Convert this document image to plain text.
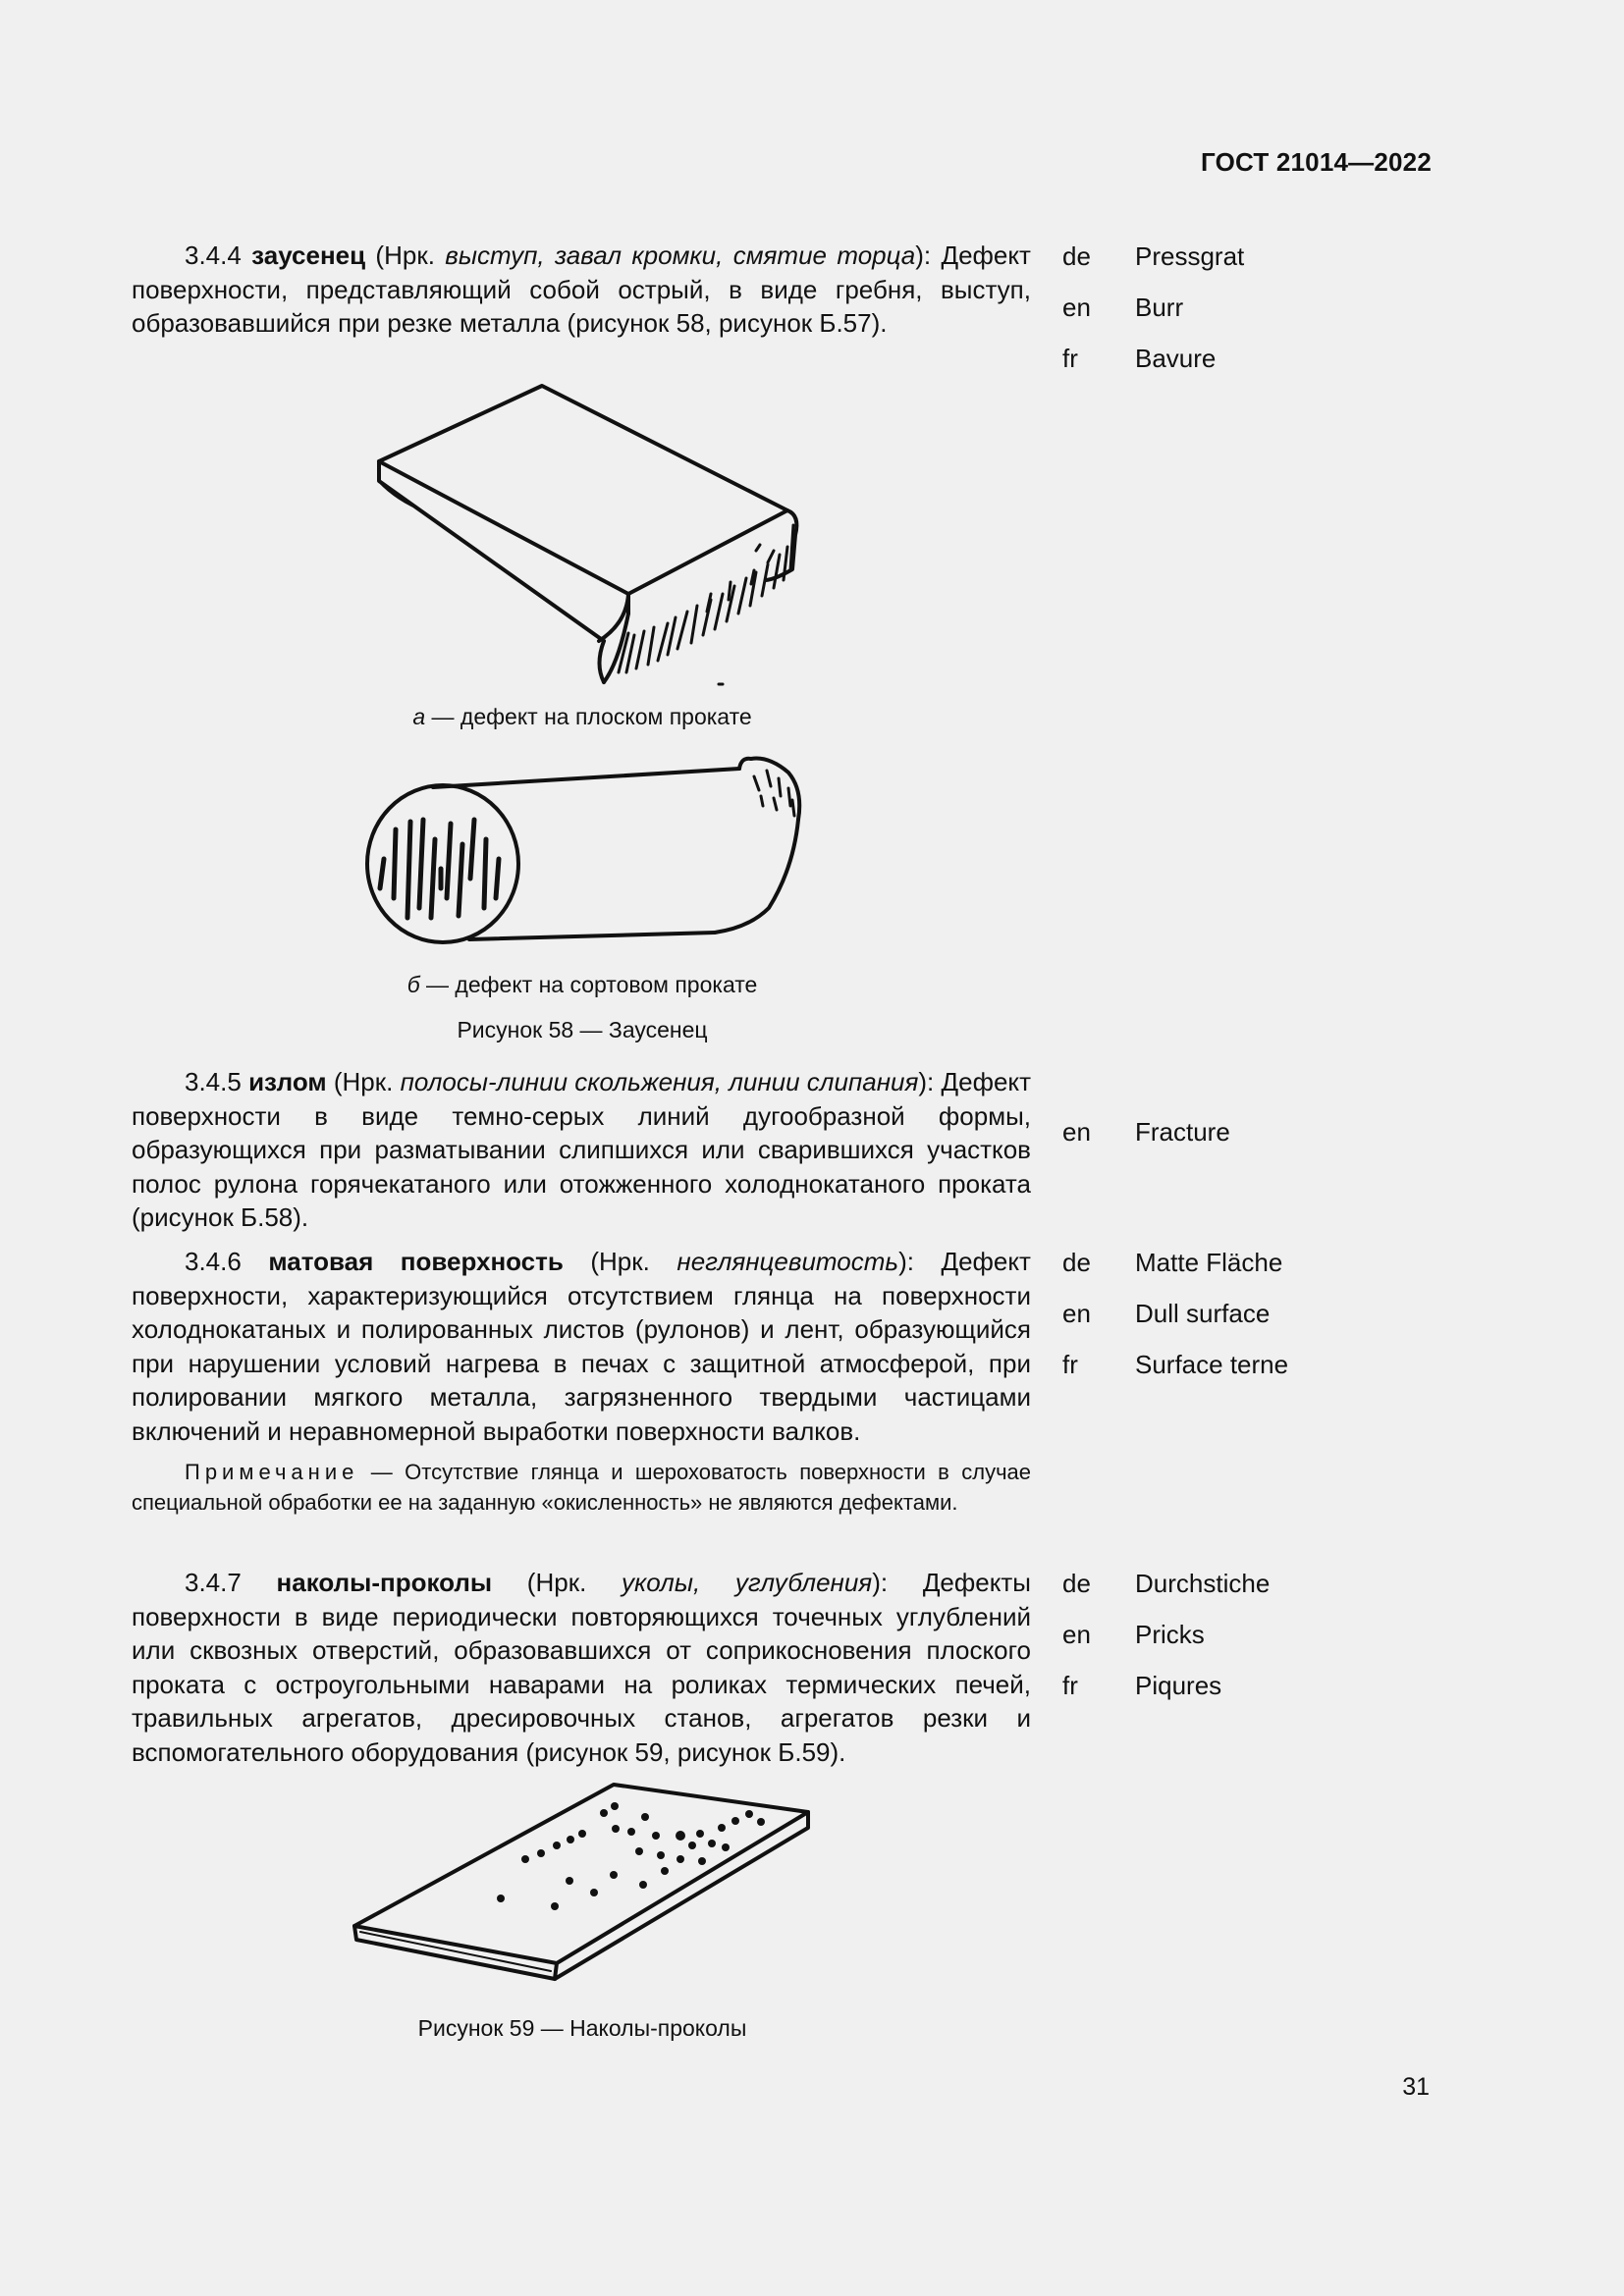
ГОСТ 21014—2022

3.4.4 заусенец (Нрк. выступ, завал кромки, смятие торца): Дефект поверхности, представляющий собой острый, в виде гребня, выступ, образовавшийся при резке металла (рисунок 58, рисунок Б.57).

de	Pressgrat
en	Burr
fr	Bavure
а — дефект на плоском прокате
б — дефект на сортовом прокате
Рисунок 58 — Заусенец

3.4.5 излом (Нрк. полосы-линии скольжения, линии слипания): Дефект поверхности в виде темно-серых линий дугообразной формы, образующихся при разматывании слипшихся или сварившихся участков полос рулона горячекатаного или отожженного холоднокатаного проката (рисунок Б.58).

en	Fracture

3.4.6 матовая поверхность (Нрк. неглянцевитость): Дефект поверхности, характеризующийся отсутствием глянца на поверхности холоднокатаных и полированных листов (рулонов) и лент, образующийся при нарушении условий нагрева в печах с защитной атмосферой, при полировании мягкого металла, загрязненного твердыми частицами включений и неравномерной выработки поверхности валков.

de	Matte Fläche
en	Dull surface
fr	Surface terne

Примечание — Отсутствие глянца и шероховатость поверхности в случае специальной обработки ее на заданную «окисленность» не являются дефектами.

3.4.7 наколы-проколы (Нрк. уколы, углубления): Дефекты поверхности в виде периодически повторяющихся точечных углублений или сквозных отверстий, образовавшихся от соприкосновения плоского проката с остроугольными наварами на роликах термических печей, травильных агрегатов, дресировочных станов, агрегатов резки и вспомогательного оборудования (рисунок 59, рисунок Б.59).

de	Durchstiche
en	Pricks
fr	Piqures
Рисунок 59 — Наколы-проколы
31
